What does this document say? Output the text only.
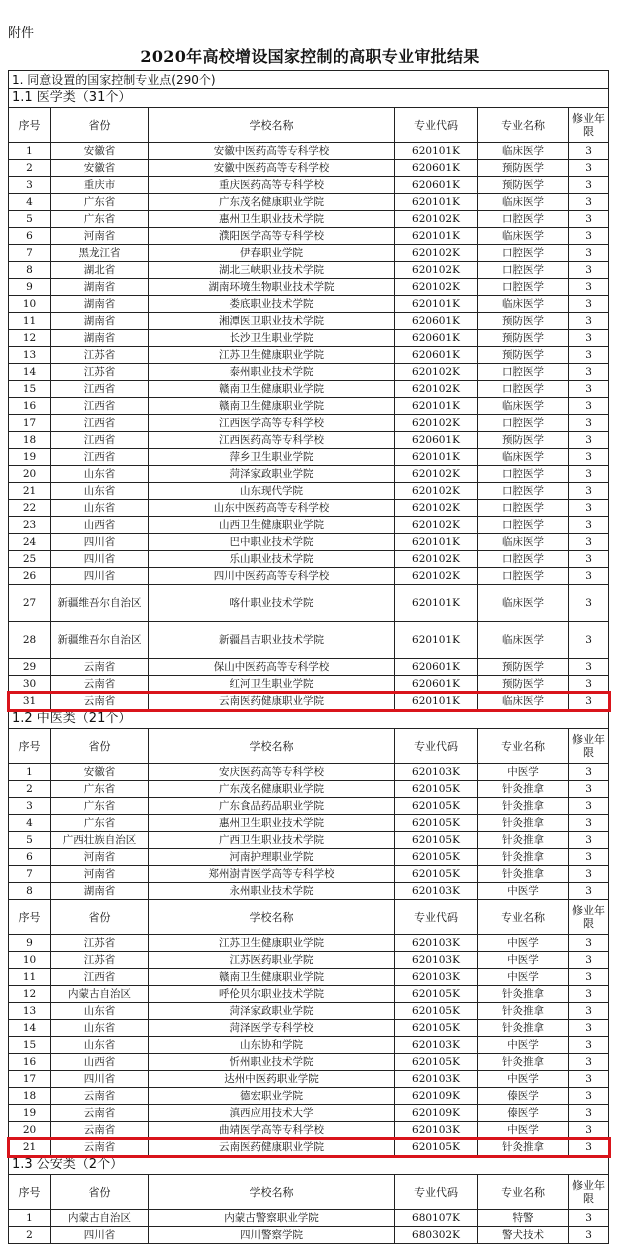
附件
2020年高校增设国家控制的高职专业审批结果
1. 同意设置的国家控制专业点(290个)					
1.1 医学类（31个）					
序号	省份	学校名称	专业代码	专业名称	修业年限
1	安徽省	安徽中医药高等专科学校	620101K	临床医学	3
2	安徽省	安徽中医药高等专科学校	620601K	预防医学	3
3	重庆市	重庆医药高等专科学校	620601K	预防医学	3
4	广东省	广东茂名健康职业学院	620101K	临床医学	3
5	广东省	惠州卫生职业技术学院	620102K	口腔医学	3
6	河南省	濮阳医学高等专科学校	620101K	临床医学	3
7	黑龙江省	伊春职业学院	620102K	口腔医学	3
8	湖北省	湖北三峡职业技术学院	620102K	口腔医学	3
9	湖南省	湖南环境生物职业技术学院	620102K	口腔医学	3
10	湖南省	娄底职业技术学院	620101K	临床医学	3
11	湖南省	湘潭医卫职业技术学院	620601K	预防医学	3
12	湖南省	长沙卫生职业学院	620601K	预防医学	3
13	江苏省	江苏卫生健康职业学院	620601K	预防医学	3
14	江苏省	泰州职业技术学院	620102K	口腔医学	3
15	江西省	赣南卫生健康职业学院	620102K	口腔医学	3
16	江西省	赣南卫生健康职业学院	620101K	临床医学	3
17	江西省	江西医学高等专科学校	620102K	口腔医学	3
18	江西省	江西医药高等专科学校	620601K	预防医学	3
19	江西省	萍乡卫生职业学院	620101K	临床医学	3
20	山东省	菏泽家政职业学院	620102K	口腔医学	3
21	山东省	山东现代学院	620102K	口腔医学	3
22	山东省	山东中医药高等专科学校	620102K	口腔医学	3
23	山西省	山西卫生健康职业学院	620102K	口腔医学	3
24	四川省	巴中职业技术学院	620101K	临床医学	3
25	四川省	乐山职业技术学院	620102K	口腔医学	3
26	四川省	四川中医药高等专科学校	620102K	口腔医学	3
27	新疆维吾尔自治区	喀什职业技术学院	620101K	临床医学	3
28	新疆维吾尔自治区	新疆昌吉职业技术学院	620101K	临床医学	3
29	云南省	保山中医药高等专科学校	620601K	预防医学	3
30	云南省	红河卫生职业学院	620601K	预防医学	3
31	云南省	云南医药健康职业学院	620101K	临床医学	3
1.2 中医类（21个）					
序号	省份	学校名称	专业代码	专业名称	修业年限
1	安徽省	安庆医药高等专科学校	620103K	中医学	3
2	广东省	广东茂名健康职业学院	620105K	针灸推拿	3
3	广东省	广东食品药品职业学院	620105K	针灸推拿	3
4	广东省	惠州卫生职业技术学院	620105K	针灸推拿	3
5	广西壮族自治区	广西卫生职业技术学院	620105K	针灸推拿	3
6	河南省	河南护理职业学院	620105K	针灸推拿	3
7	河南省	郑州澍青医学高等专科学校	620105K	针灸推拿	3
8	湖南省	永州职业技术学院	620103K	中医学	3
序号	省份	学校名称	专业代码	专业名称	修业年限
9	江苏省	江苏卫生健康职业学院	620103K	中医学	3
10	江苏省	江苏医药职业学院	620103K	中医学	3
11	江西省	赣南卫生健康职业学院	620103K	中医学	3
12	内蒙古自治区	呼伦贝尔职业技术学院	620105K	针灸推拿	3
13	山东省	菏泽家政职业学院	620105K	针灸推拿	3
14	山东省	菏泽医学专科学校	620105K	针灸推拿	3
15	山东省	山东协和学院	620103K	中医学	3
16	山西省	忻州职业技术学院	620105K	针灸推拿	3
17	四川省	达州中医药职业学院	620103K	中医学	3
18	云南省	德宏职业学院	620109K	傣医学	3
19	云南省	滇西应用技术大学	620109K	傣医学	3
20	云南省	曲靖医学高等专科学校	620103K	中医学	3
21	云南省	云南医药健康职业学院	620105K	针灸推拿	3
1.3 公安类（2个）					
序号	省份	学校名称	专业代码	专业名称	修业年限
1	内蒙古自治区	内蒙古警察职业学院	680107K	特警	3
2	四川省	四川警察学院	680302K	警犬技术	3
